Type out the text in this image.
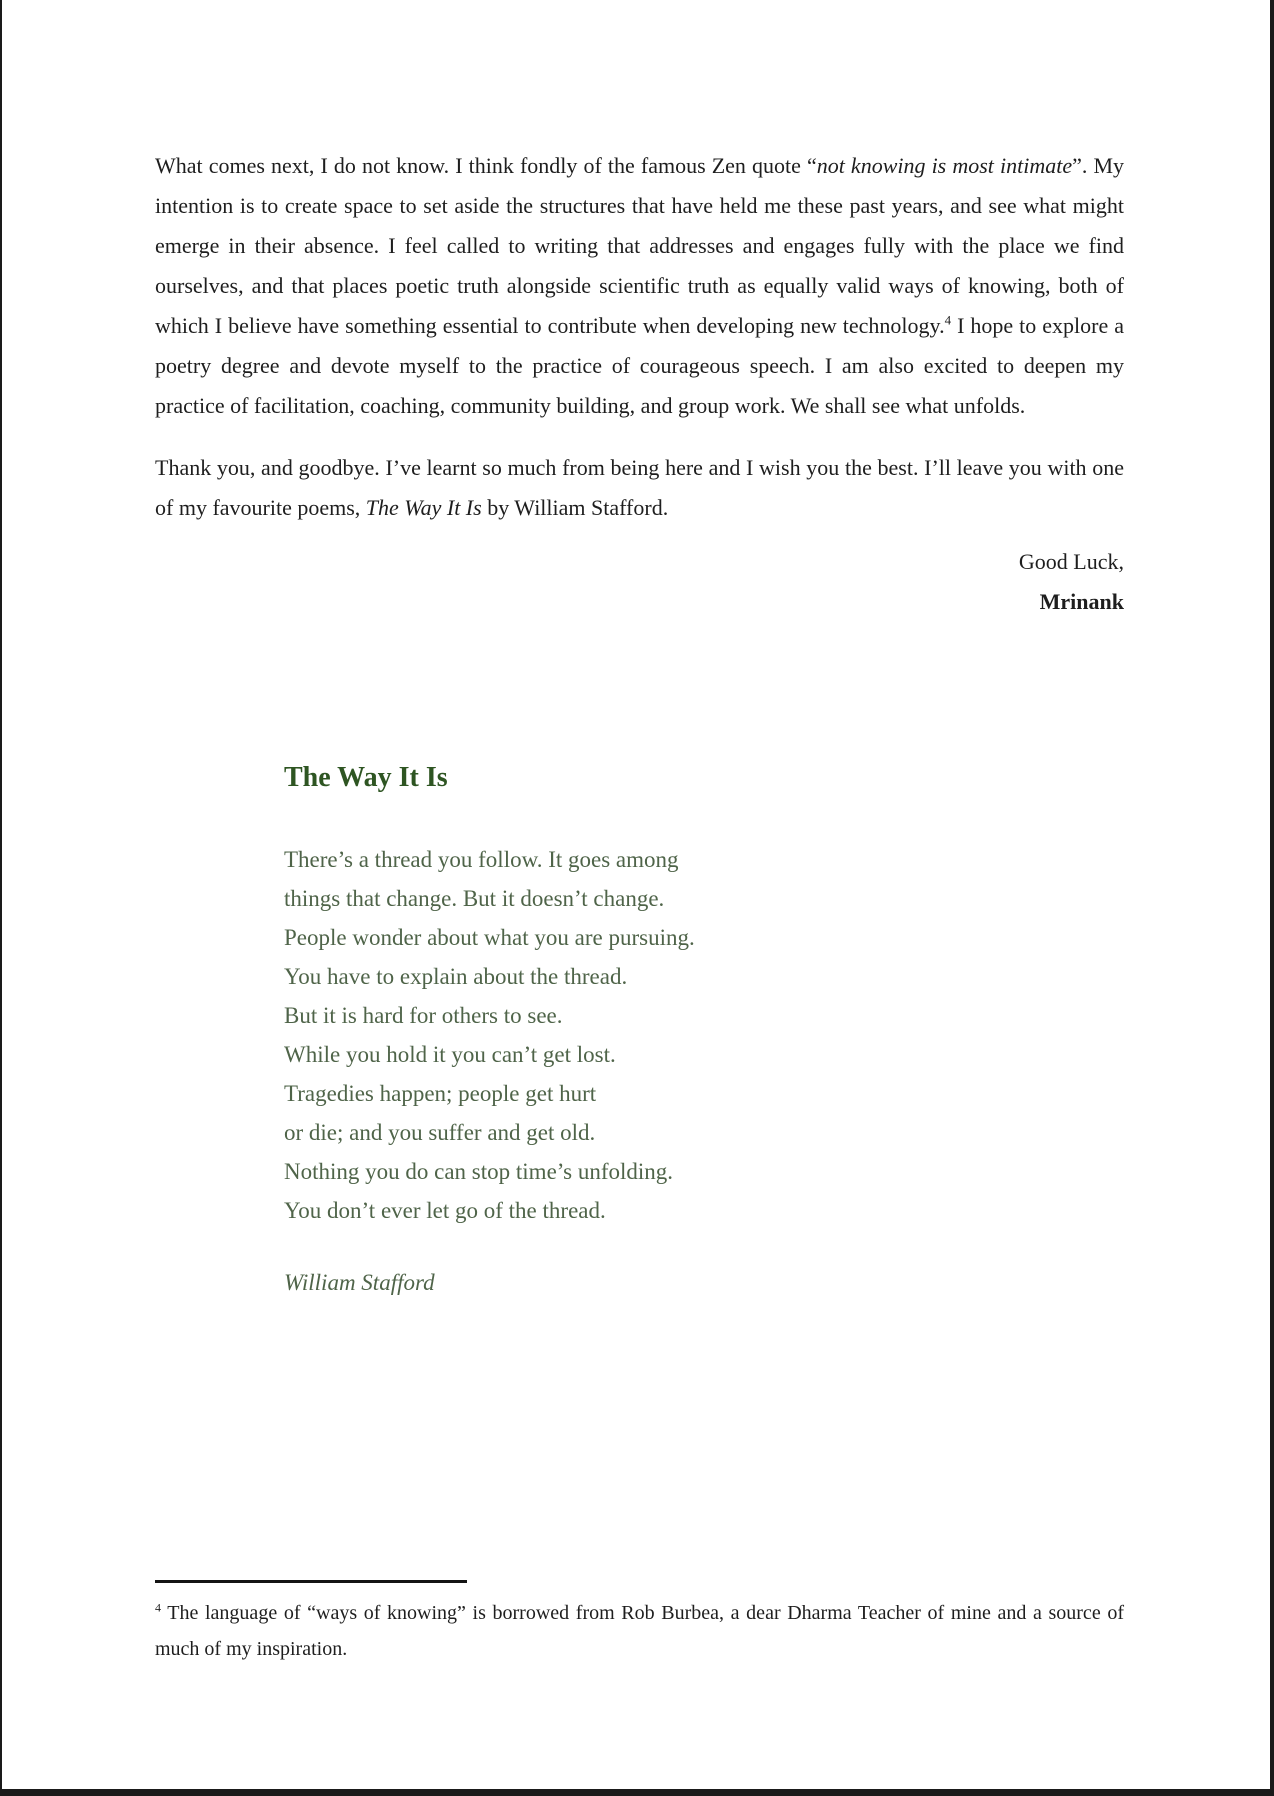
What comes next, I do not know. I think fondly of the famous Zen quote “not knowing is most intimate”. My intention is to create space to set aside the structures that have held me these past years, and see what might emerge in their absence. I feel called to writing that addresses and engages fully with the place we find ourselves, and that places poetic truth alongside scientific truth as equally valid ways of knowing, both of which I believe have something essential to contribute when developing new technology.$^4$ I hope to explore a poetry degree and devote myself to the practice of courageous speech. I am also excited to deepen my practice of facilitation, coaching, community building, and group work. We shall see what unfolds.

Thank you, and goodbye. I’ve learnt so much from being here and I wish you the best. I’ll leave you with one of my favourite poems, The Way It Is by William Stafford.

Good Luck,
Mrinank
The Way It Is
There’s a thread you follow. It goes among
things that change. But it doesn’t change.
People wonder about what you are pursuing.
You have to explain about the thread.
But it is hard for others to see.
While you hold it you can’t get lost.
Tragedies happen; people get hurt
or die; and you suffer and get old.
Nothing you do can stop time’s unfolding.
You don’t ever let go of the thread.
William Stafford

$^4$ The language of “ways of knowing” is borrowed from Rob Burbea, a dear Dharma Teacher of mine and a source of much of my inspiration.
